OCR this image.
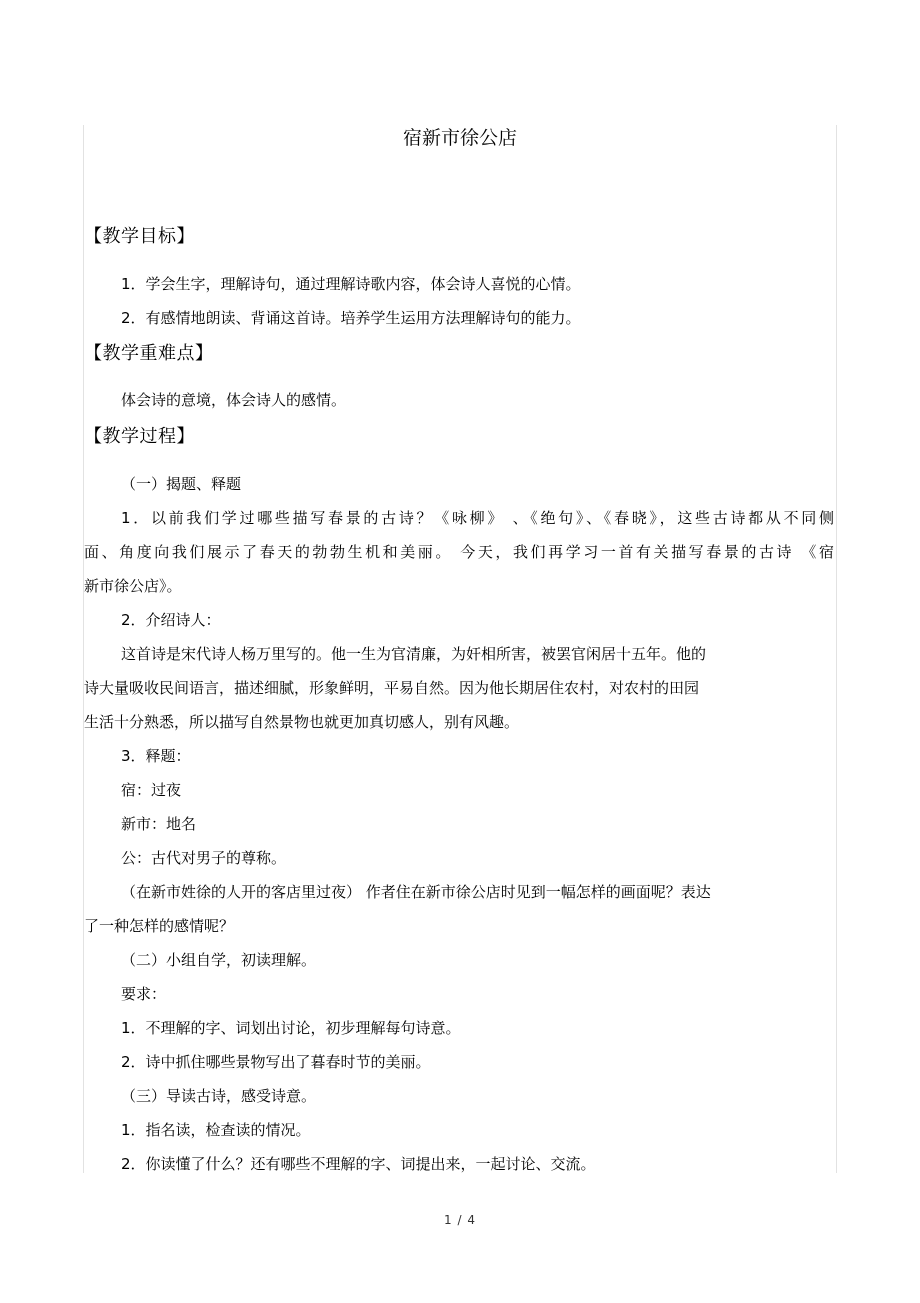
宿新市徐公店
【教学目标】
1．学会生字，理解诗句，通过理解诗歌内容，体会诗人喜悦的心情。
2．有感情地朗读、背诵这首诗。培养学生运用方法理解诗句的能力。
【教学重难点】
体会诗的意境，体会诗人的感情。
【教学过程】
（一）揭题、释题
1．以前我们学过哪些描写春景的古诗？《咏柳》 、《绝句》、《春晓》，这些古诗都从不同侧
面、角度向我们展示了春天的勃勃生机和美丽。 今天，我们再学习一首有关描写春景的古诗 《宿
新市徐公店》。
2．介绍诗人：
这首诗是宋代诗人杨万里写的。他一生为官清廉，为奸相所害，被罢官闲居十五年。他的
诗大量吸收民间语言，描述细腻，形象鲜明，平易自然。因为他长期居住农村，对农村的田园
生活十分熟悉，所以描写自然景物也就更加真切感人，别有风趣。
3．释题：
宿：过夜
新市：地名
公：古代对男子的尊称。
（在新市姓徐的人开的客店里过夜） 作者住在新市徐公店时见到一幅怎样的画面呢？表达
了一种怎样的感情呢？
（二）小组自学，初读理解。
要求：
1．不理解的字、词划出讨论，初步理解每句诗意。
2．诗中抓住哪些景物写出了暮春时节的美丽。
（三）导读古诗，感受诗意。
1．指名读，检查读的情况。
2．你读懂了什么？还有哪些不理解的字、词提出来，一起讨论、交流。
1 / 4
